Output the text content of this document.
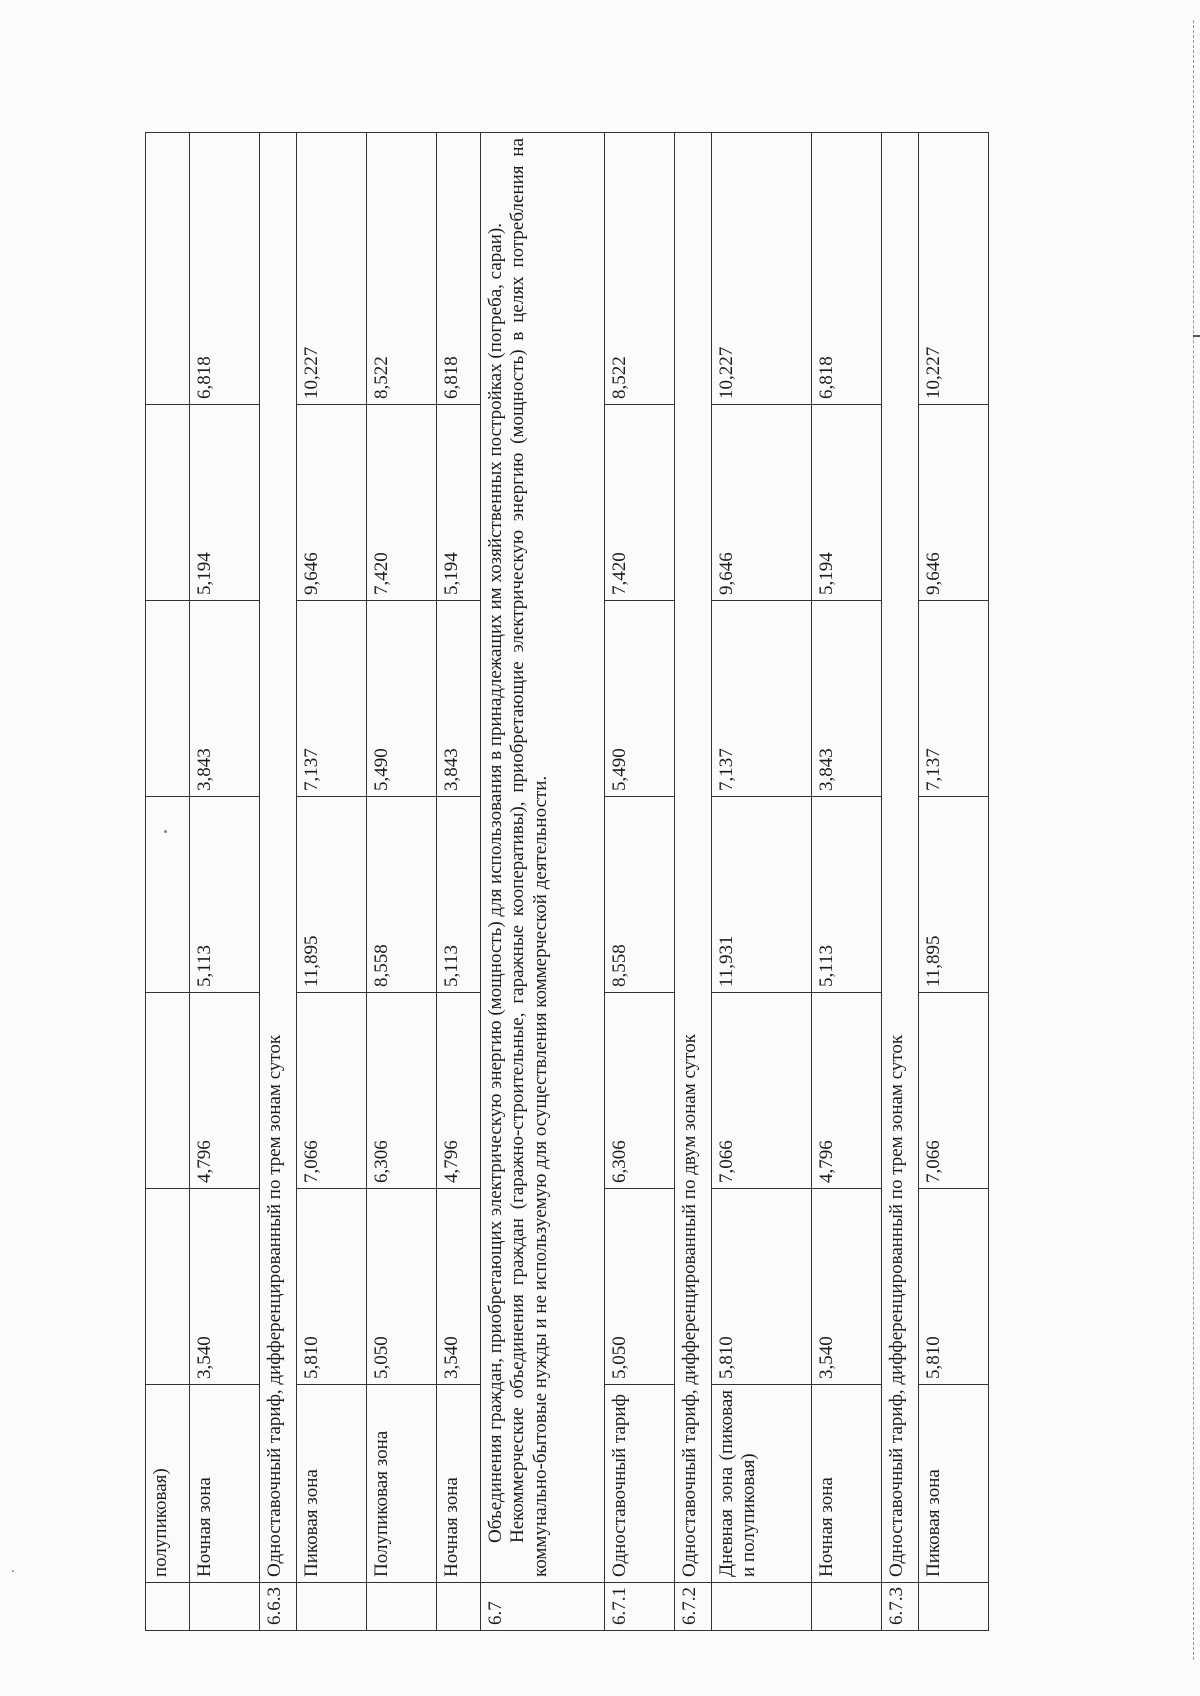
	полупиковая)						
	Ночная зона	3,540	4,796	5,113	3,843	5,194	6,818
6.6.3	Одноставочный тариф, дифференцированный по трем зонам суток						
	Пиковая зона	5,810	7,066	11,895	7,137	9,646	10,227
	Полупиковая зона	5,050	6,306	8,558	5,490	7,420	8,522
	Ночная зона	3,540	4,796	5,113	3,843	5,194	6,818
6.7	Объединения граждан, приобретающих электрическую энергию (мощность) для использования в принадлежащих им хозяйственных постройках (погреба, сараи). Некоммерческие объединения граждан (гаражно-строительные, гаражные кооперативы), приобретающие электрическую энергию (мощность) в целях потребления на коммунально-бытовые нужды и не используемую для осуществления коммерческой деятельности.						

6.7.1	Одноставочный тариф	5,050	6,306	8,558	5,490	7,420	8,522
6.7.2	Одноставочный тариф, дифференцированный по двум зонам суток						
	Дневная зона (пиковая и полупиковая)	5,810	7,066	11,931	7,137	9,646	10,227
	Ночная зона	3,540	4,796	5,113	3,843	5,194	6,818
6.7.3	Одноставочный тариф, дифференцированный по трем зонам суток						
	Пиковая зона	5,810	7,066	11,895	7,137	9,646	10,227
